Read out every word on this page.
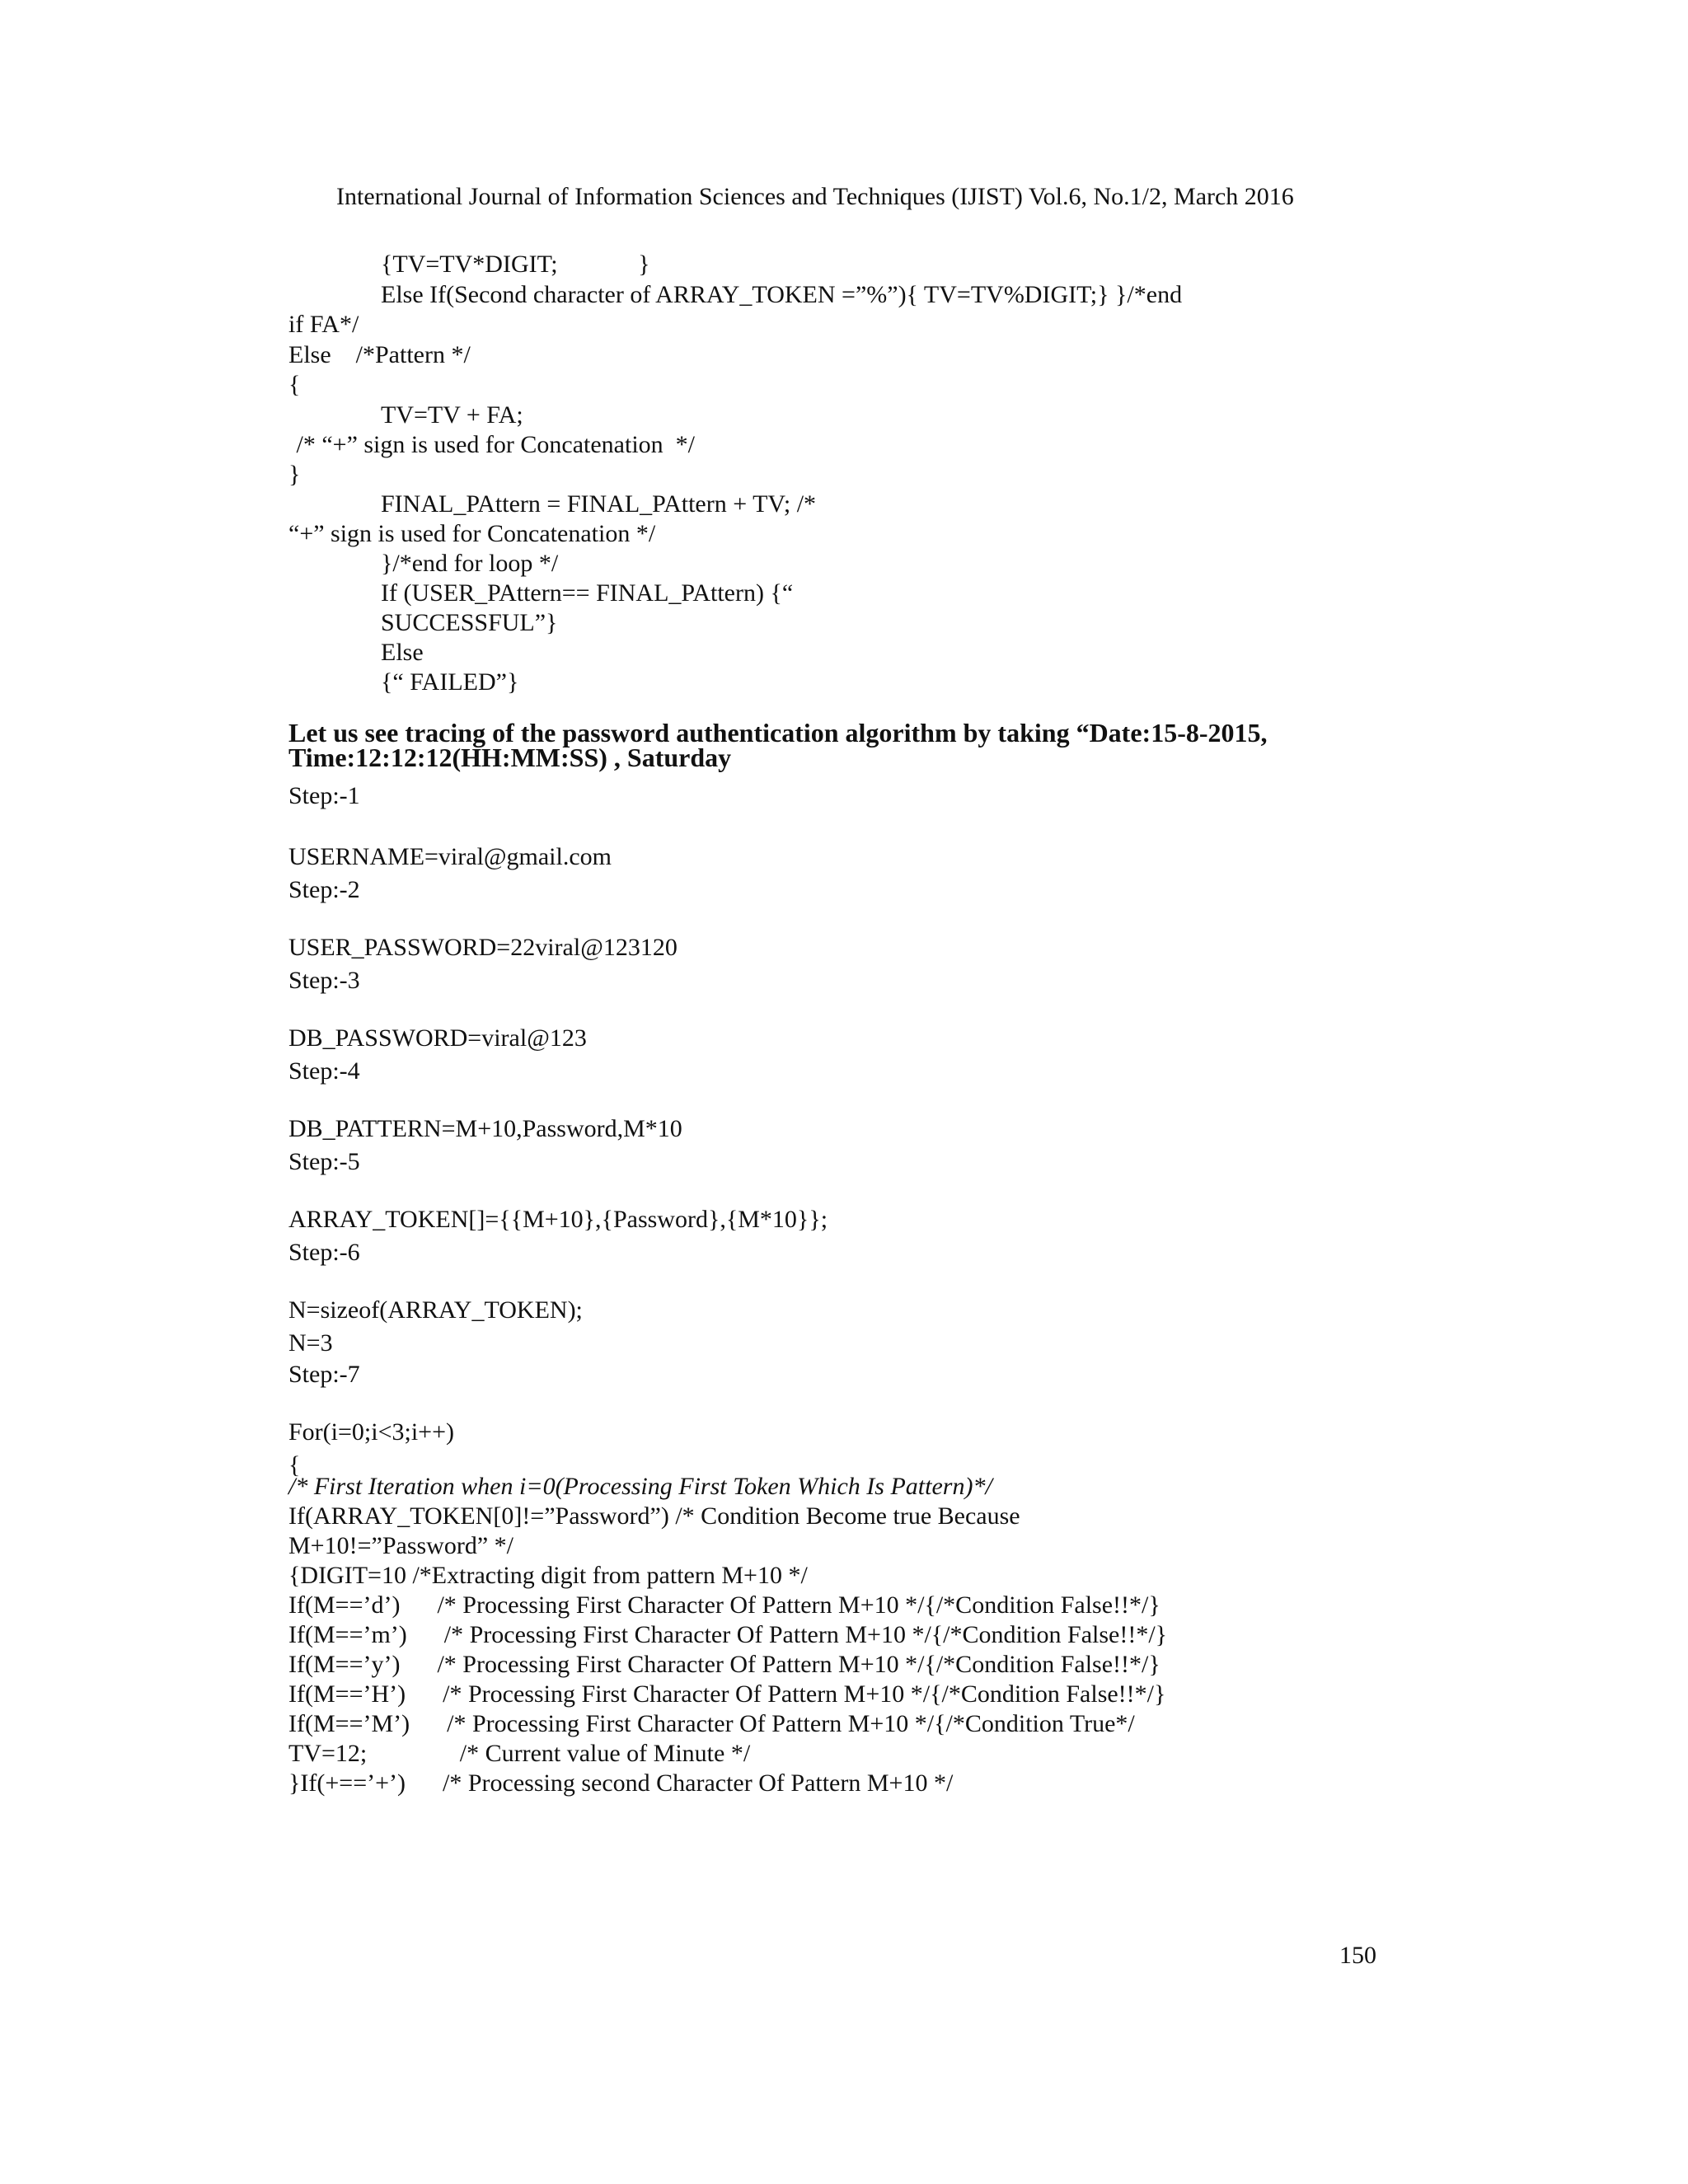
International Journal of Information Sciences and Techniques (IJIST) Vol.6, No.1/2, March 2016
{TV=TV*DIGIT;             }
Else If(Second character of ARRAY_TOKEN =”%”){ TV=TV%DIGIT;} }/*end
if FA*/
Else    /*Pattern */
{
TV=TV + FA;
/* “+” sign is used for Concatenation  */
}
FINAL_PAttern = FINAL_PAttern + TV; /*
“+” sign is used for Concatenation */
}/*end for loop */
If (USER_PAttern== FINAL_PAttern) {“
SUCCESSFUL”}
Else
{“ FAILED”}
Let us see tracing of the password authentication algorithm by taking “Date:15-8-2015,
Time:12:12:12(HH:MM:SS) , Saturday
Step:-1
USERNAME=viral@gmail.com
Step:-2
USER_PASSWORD=22viral@123120
Step:-3
DB_PASSWORD=viral@123
Step:-4
DB_PATTERN=M+10,Password,M*10
Step:-5
ARRAY_TOKEN[]={{M+10},{Password},{M*10}};
Step:-6
N=sizeof(ARRAY_TOKEN);
N=3
Step:-7
For(i=0;i<3;i++)
{
/* First Iteration when i=0(Processing First Token Which Is Pattern)*/
If(ARRAY_TOKEN[0]!=”Password”) /* Condition Become true Because
M+10!=”Password” */
{DIGIT=10 /*Extracting digit from pattern M+10 */
If(M==’d’)      /* Processing First Character Of Pattern M+10 */{/*Condition False!!*/}
If(M==’m’)      /* Processing First Character Of Pattern M+10 */{/*Condition False!!*/}
If(M==’y’)      /* Processing First Character Of Pattern M+10 */{/*Condition False!!*/}
If(M==’H’)      /* Processing First Character Of Pattern M+10 */{/*Condition False!!*/}
If(M==’M’)      /* Processing First Character Of Pattern M+10 */{/*Condition True*/
TV=12;               /* Current value of Minute */
}If(+==’+’)      /* Processing second Character Of Pattern M+10 */
150
